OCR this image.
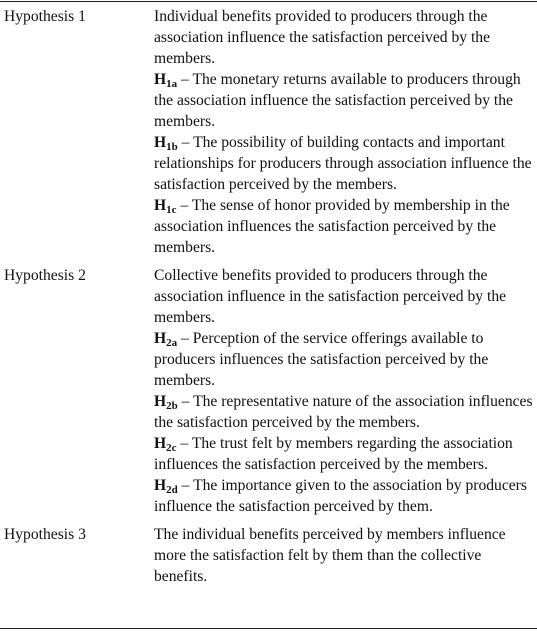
Hypothesis 1	Individual benefits provided to producers through the association influence the satisfaction perceived by the members.
H1a – The monetary returns available to producers through the association influence the satisfaction perceived by the members.
H1b – The possibility of building contacts and important relationships for producers through association influence the satisfaction perceived by the members.
H1c – The sense of honor provided by membership in the association influences the satisfaction perceived by the members.
Hypothesis 2	Collective benefits provided to producers through the association influence in the satisfaction perceived by the members.
H2a – Perception of the service offerings available to producers influences the satisfaction perceived by the members.
H2b – The representative nature of the association influences the satisfaction perceived by the members.
H2c – The trust felt by members regarding the association influences the satisfaction perceived by the members.
H2d – The importance given to the association by producers influence the satisfaction perceived by them.
Hypothesis 3	The individual benefits perceived by members influence more the satisfaction felt by them than the collective benefits.
